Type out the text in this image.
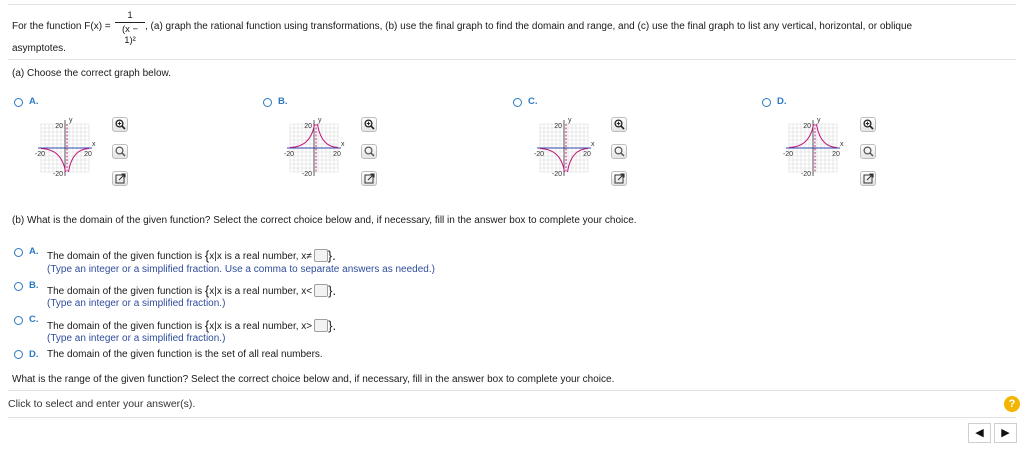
For the function F(x) =
1
(x − 1)²
, (a) graph the rational function using transformations, (b) use the final graph to find the domain and range, and (c) use the final graph to list any vertical, horizontal, or oblique
asymptotes.
(a) Choose the correct graph below.
A.
y
20
-20
x
-20	20
B.
y
20
-20
x
-20	20
C.
y
20
-20
x
-20	20
D.
y
20
-20
x
-20	20
(b) What is the domain of the given function? Select the correct choice below and, if necessary, fill in the answer box to complete your choice.
A. The domain of the given function is {x|x is a real number, x≠ }.
(Type an integer or a simplified fraction. Use a comma to separate answers as needed.)
B.
The domain of the given function is {x|x is a real number, x< }.
(Type an integer or a simplified fraction.)
C.
The domain of the given function is {x|x is a real number, x> }.
(Type an integer or a simplified fraction.)
D. The domain of the given function is the set of all real numbers.
What is the range of the given function? Select the correct choice below and, if necessary, fill in the answer box to complete your choice.
Click to select and enter your answer(s).	?
◀	▶
